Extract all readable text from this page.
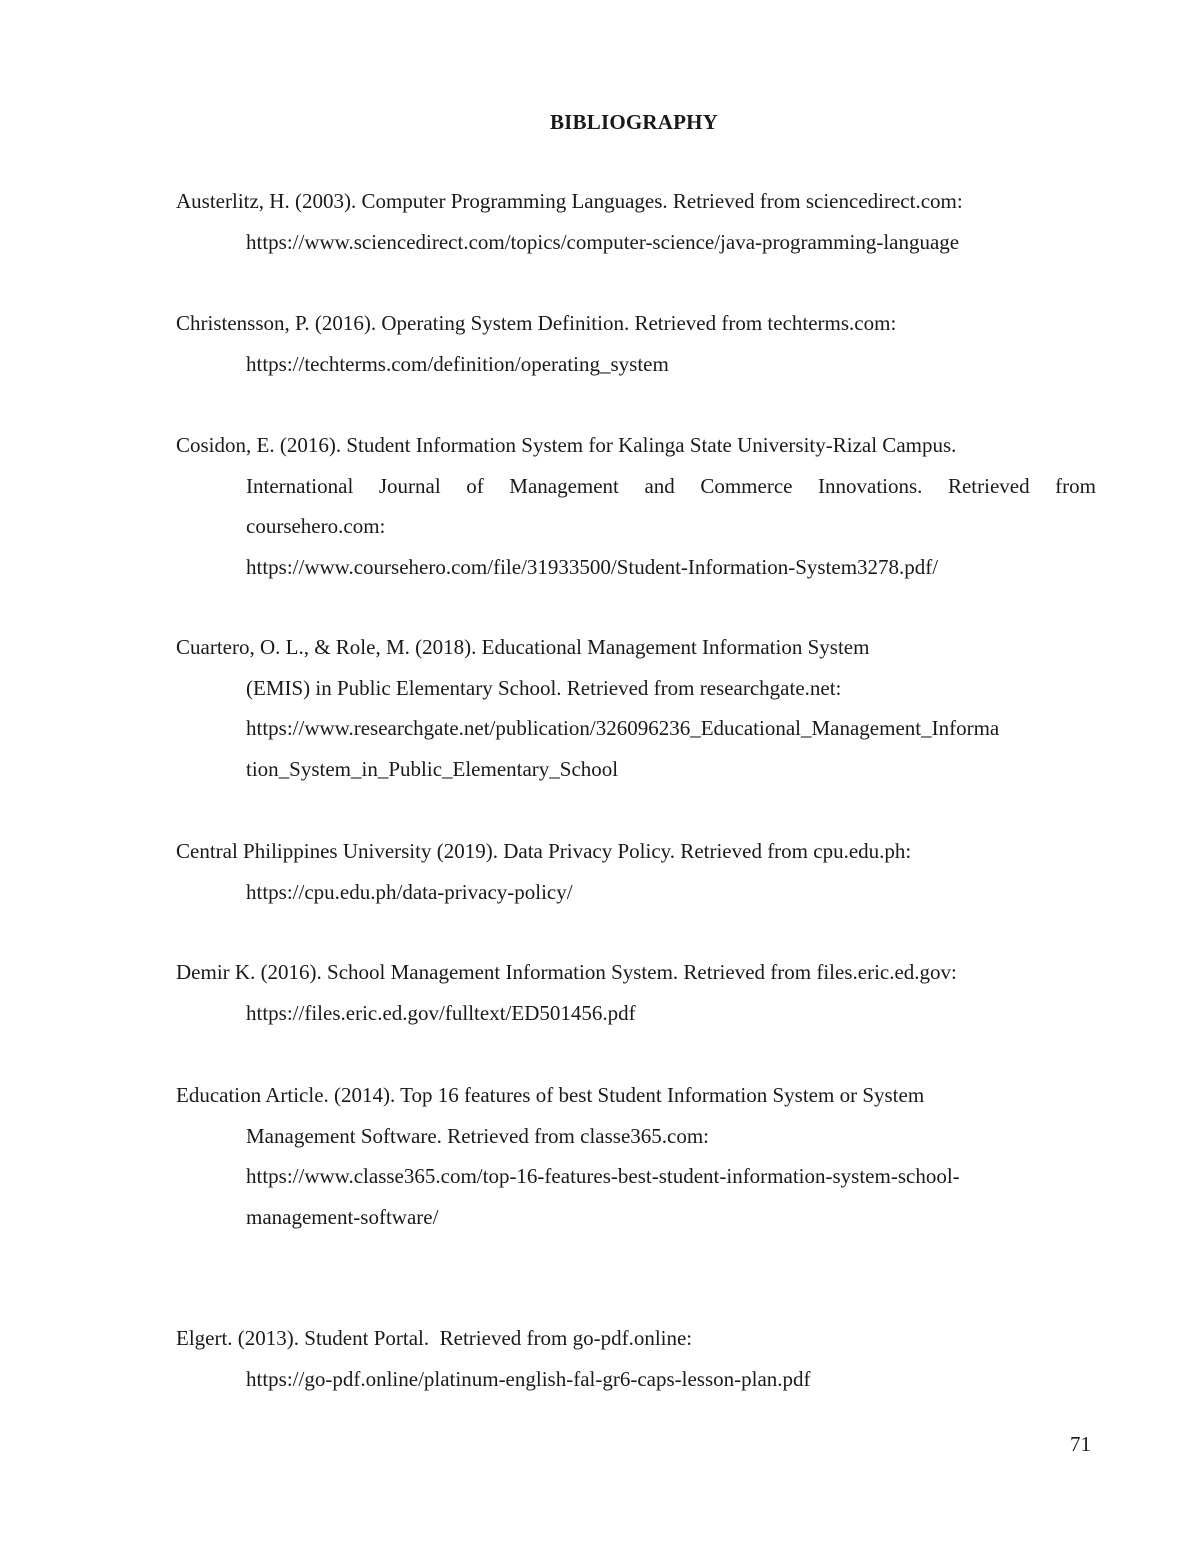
BIBLIOGRAPHY
Austerlitz, H. (2003). Computer Programming Languages. Retrieved from sciencedirect.com:
https://www.sciencedirect.com/topics/computer-science/java-programming-language
Christensson, P. (2016). Operating System Definition. Retrieved from techterms.com:
https://techterms.com/definition/operating_system
Cosidon, E. (2016). Student Information System for Kalinga State University-Rizal Campus.
International Journal of Management and Commerce Innovations. Retrieved from
coursehero.com:
https://www.coursehero.com/file/31933500/Student-Information-System3278.pdf/
Cuartero, O. L., & Role, M. (2018). Educational Management Information System
(EMIS) in Public Elementary School. Retrieved from researchgate.net:
https://www.researchgate.net/publication/326096236_Educational_Management_Informa
tion_System_in_Public_Elementary_School
Central Philippines University (2019). Data Privacy Policy. Retrieved from cpu.edu.ph:
https://cpu.edu.ph/data-privacy-policy/
Demir K. (2016). School Management Information System. Retrieved from files.eric.ed.gov:
https://files.eric.ed.gov/fulltext/ED501456.pdf
Education Article. (2014). Top 16 features of best Student Information System or System
Management Software. Retrieved from classe365.com:
https://www.classe365.com/top-16-features-best-student-information-system-school-
management-software/
Elgert. (2013). Student Portal.  Retrieved from go-pdf.online:
https://go-pdf.online/platinum-english-fal-gr6-caps-lesson-plan.pdf
71
